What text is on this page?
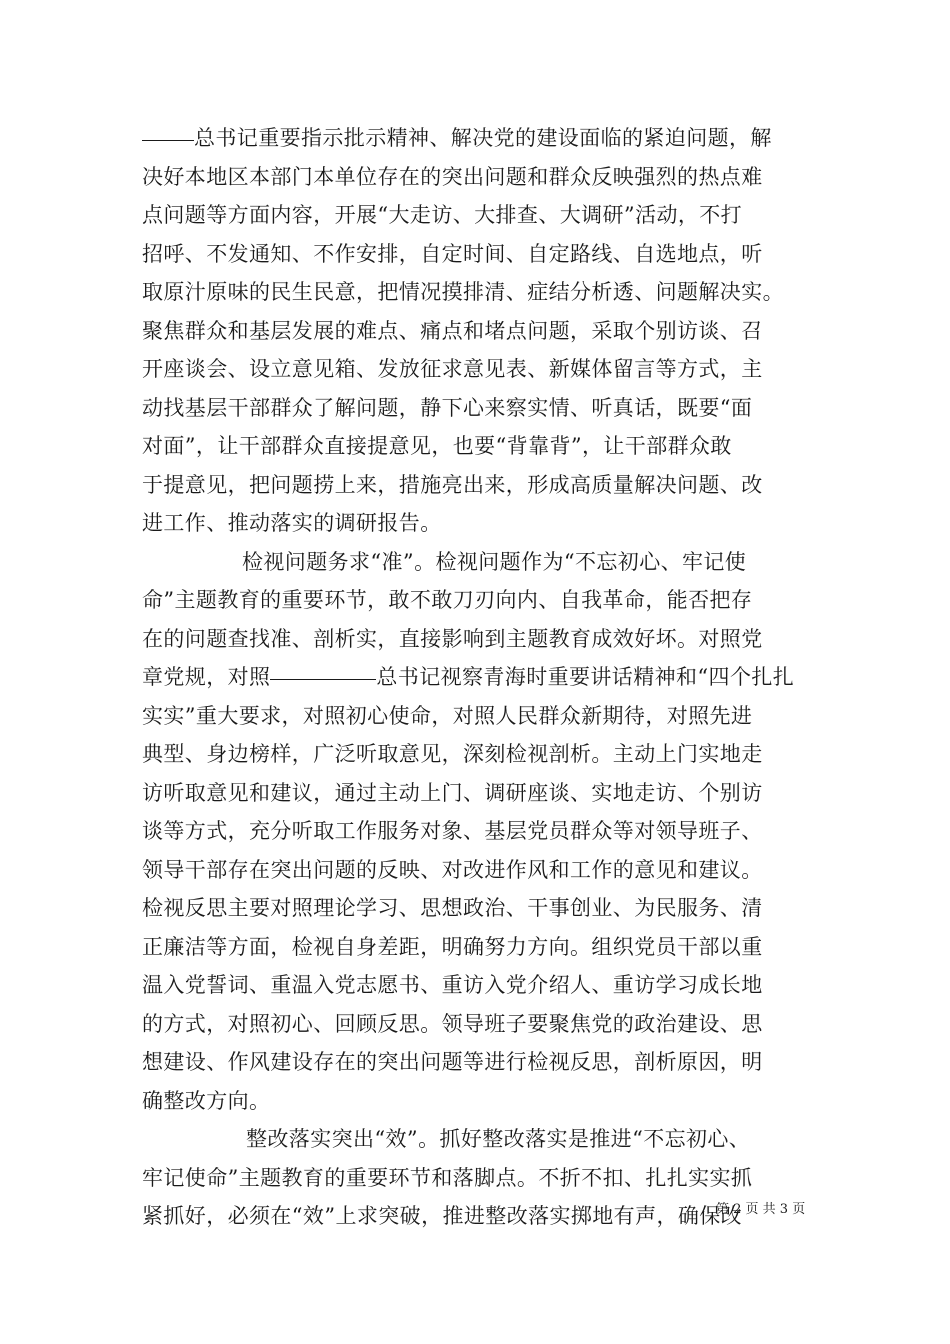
总书记重要指示批示精神、解决党的建设面临的紧迫问题，解
决好本地区本部门本单位存在的突出问题和群众反映强烈的热点难
点问题等方面内容，开展“大走访、大排查、大调研”活动，不打
招呼、不发通知、不作安排，自定时间、自定路线、自选地点，听
取原汁原味的民生民意，把情况摸排清、症结分析透、问题解决实。
聚焦群众和基层发展的难点、痛点和堵点问题，采取个别访谈、召
开座谈会、设立意见箱、发放征求意见表、新媒体留言等方式，主
动找基层干部群众了解问题，静下心来察实情、听真话，既要“面
对面”，让干部群众直接提意见，也要“背靠背”，让干部群众敢
于提意见，把问题捞上来，措施亮出来，形成高质量解决问题、改
进工作、推动落实的调研报告。
检视问题务求“准”。检视问题作为“不忘初心、牢记使
命”主题教育的重要环节，敢不敢刀刃向内、自我革命，能否把存
在的问题查找准、剖析实，直接影响到主题教育成效好坏。对照党
章党规，对照	总书记视察青海时重要讲话精神和“四个扎扎
实实”重大要求，对照初心使命，对照人民群众新期待，对照先进
典型、身边榜样，广泛听取意见，深刻检视剖析。主动上门实地走
访听取意见和建议，通过主动上门、调研座谈、实地走访、个别访
谈等方式，充分听取工作服务对象、基层党员群众等对领导班子、
领导干部存在突出问题的反映、对改进作风和工作的意见和建议。
检视反思主要对照理论学习、思想政治、干事创业、为民服务、清
正廉洁等方面，检视自身差距，明确努力方向。组织党员干部以重
温入党誓词、重温入党志愿书、重访入党介绍人、重访学习成长地
的方式，对照初心、回顾反思。领导班子要聚焦党的政治建设、思
想建设、作风建设存在的突出问题等进行检视反思，剖析原因，明
确整改方向。
整改落实突出“效”。抓好整改落实是推进“不忘初心、
牢记使命”主题教育的重要环节和落脚点。不折不扣、扎扎实实抓
紧抓好，必须在“效”上求突破，推进整改落实掷地有声，确保改
第 2 页 共 3 页
